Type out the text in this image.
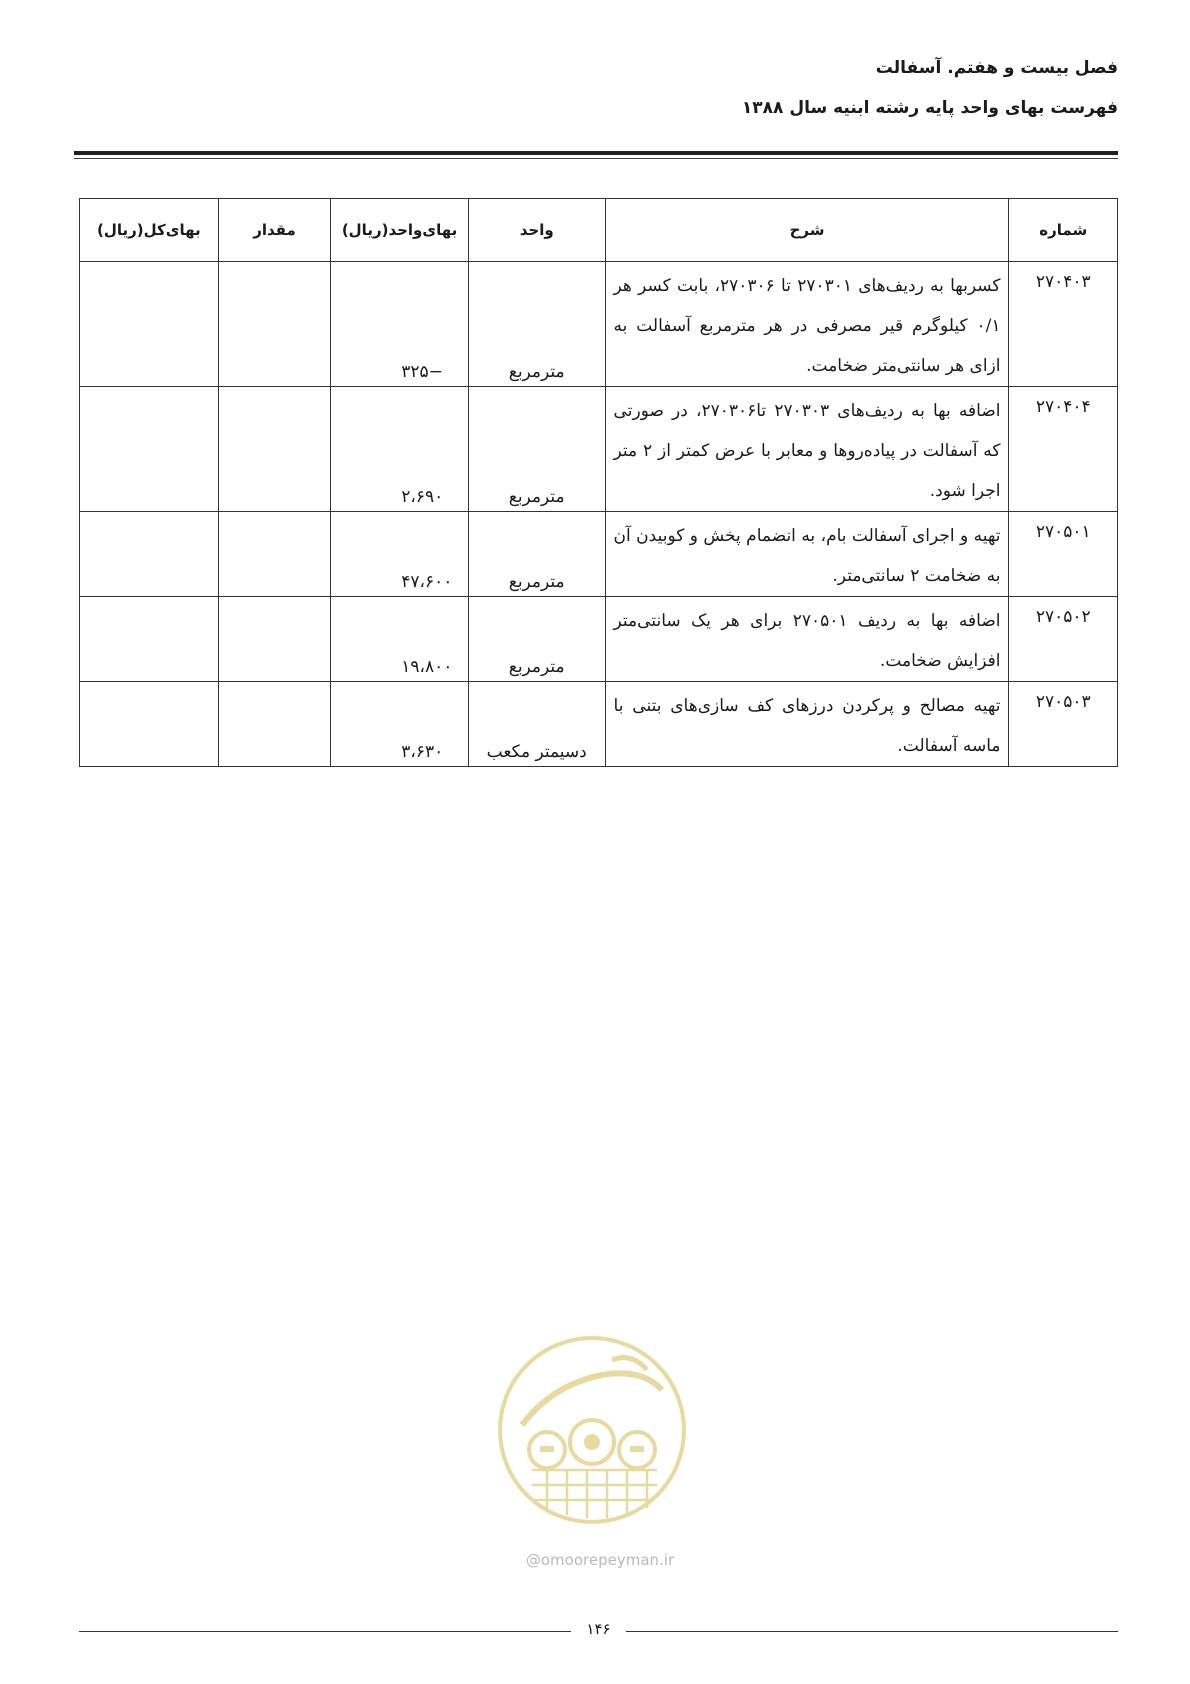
فصل بیست و هفتم. آسفالت
فهرست بهای واحد پایه رشته ابنیه سال ۱۳۸۸
شماره	شرح	واحد	بهای‌واحد(ریال)	مقدار	بهای‌کل(ریال)
۲۷۰۴۰۳	کسربها به ردیف‌های ۲۷۰۳۰۱ تا ۲۷۰۳۰۶، بابت کسر هر ۰/۱ کیلوگرم قیر مصرفی در هر مترمربع آسفالت به ازای هر سانتی‌متر ضخامت.	مترمربع	−۳۲۵		
۲۷۰۴۰۴	اضافه بها به ردیف‌های ۲۷۰۳۰۳ تا۲۷۰۳۰۶، در صورتی که آسفالت در پیاده‌روها و معابر با عرض کمتر از ۲ متر اجرا شود.	مترمربع	۲،۶۹۰		
۲۷۰۵۰۱	تهیه و اجرای آسفالت بام، به انضمام پخش و کوبیدن آن به ضخامت ۲ سانتی‌متر.	مترمربع	۴۷،۶۰۰		
۲۷۰۵۰۲	اضافه بها به ردیف ۲۷۰۵۰۱ برای هر یک سانتی‌متر افزایش ضخامت.	مترمربع	۱۹،۸۰۰		
۲۷۰۵۰۳	تهیه مصالح و پرکردن درزهای کف سازی‌های بتنی با ماسه آسفالت.	دسیمتر مکعب	۳،۶۳۰		
@omoorepeyman.ir
۱۴۶
